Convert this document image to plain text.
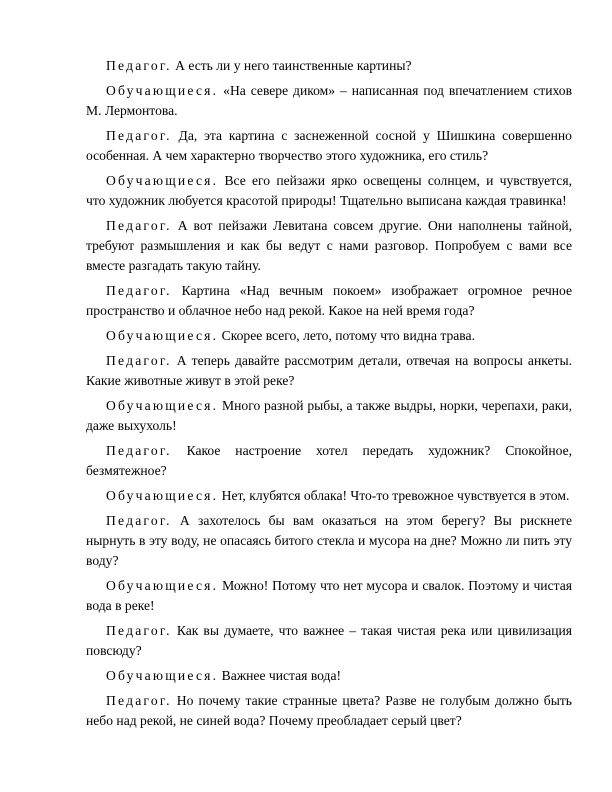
Педагог. А есть ли у него таинственные картины?

Обучающиеся. «На севере диком» – написанная под впечатлением стихов М. Лермонтова.

Педагог. Да, эта картина с заснеженной сосной у Шишкина совершенно особенная. А чем характерно творчество этого художника, его стиль?

Обучающиеся. Все его пейзажи ярко освещены солнцем, и чувствуется, что художник любуется красотой природы! Тщательно выписана каждая травинка!

Педагог. А вот пейзажи Левитана совсем другие. Они наполнены тайной, требуют размышления и как бы ведут с нами разговор. Попробуем с вами все вместе разгадать такую тайну.

Педагог. Картина «Над вечным покоем» изображает огромное речное пространство и облачное небо над рекой. Какое на ней время года?

Обучающиеся. Скорее всего, лето, потому что видна трава.

Педагог. А теперь давайте рассмотрим детали, отвечая на вопросы анкеты. Какие животные живут в этой реке?

Обучающиеся. Много разной рыбы, а также выдры, норки, черепахи, раки, даже выхухоль!

Педагог. Какое настроение хотел передать художник? Спокойное, безмятежное?

Обучающиеся. Нет, клубятся облака! Что-то тревожное чувствуется в этом.

Педагог. А захотелось бы вам оказаться на этом берегу? Вы рискнете нырнуть в эту воду, не опасаясь битого стекла и мусора на дне? Можно ли пить эту воду?

Обучающиеся. Можно! Потому что нет мусора и свалок. Поэтому и чистая вода в реке!

Педагог. Как вы думаете, что важнее – такая чистая река или цивилизация повсюду?

Обучающиеся. Важнее чистая вода!

Педагог. Но почему такие странные цвета? Разве не голубым должно быть небо над рекой, не синей вода? Почему преобладает серый цвет?
